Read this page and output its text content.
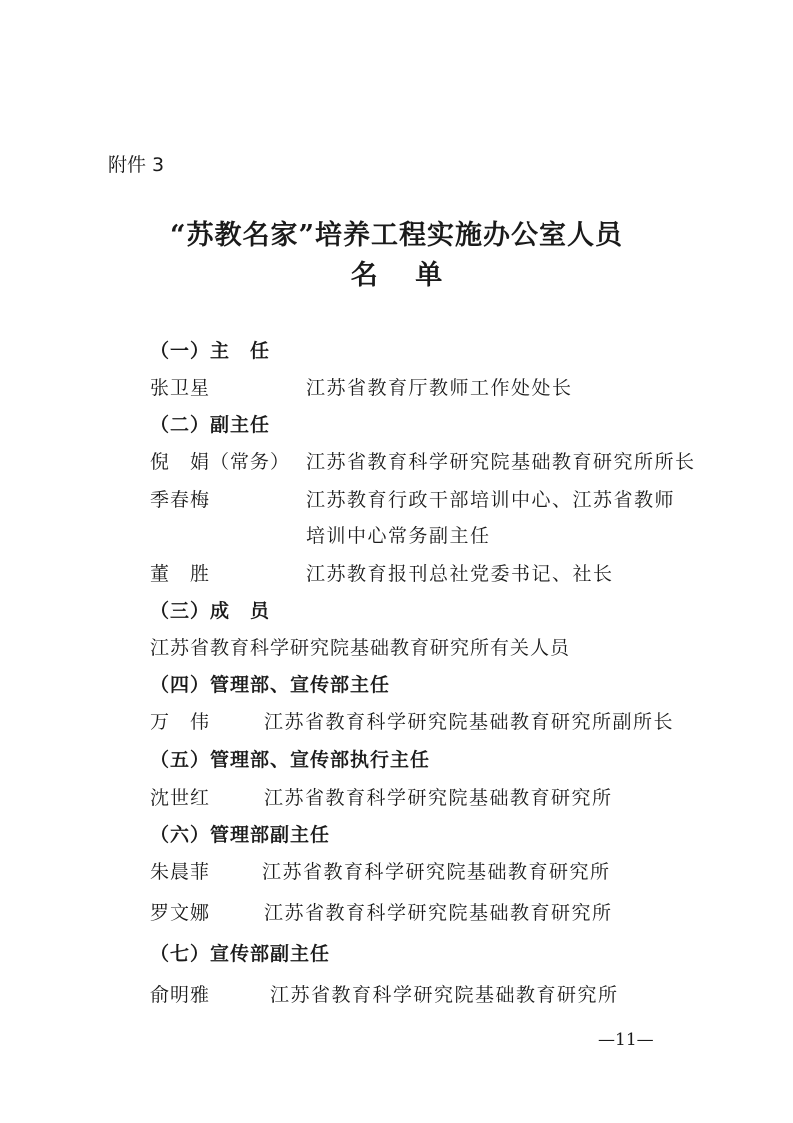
附件 3
“苏教名家”培养工程实施办公室人员
名 单
（一）主　任
张卫星	江苏省教育厅教师工作处处长
（二）副主任
倪　娟（常务） 江苏省教育科学研究院基础教育研究所所长
季春梅	江苏教育行政干部培训中心、江苏省教师
培训中心常务副主任
董　胜	江苏教育报刊总社党委书记、社长
（三）成　员
江苏省教育科学研究院基础教育研究所有关人员
（四）管理部、宣传部主任
万　伟	江苏省教育科学研究院基础教育研究所副所长
（五）管理部、宣传部执行主任
沈世红	江苏省教育科学研究院基础教育研究所
（六）管理部副主任
朱晨菲	江苏省教育科学研究院基础教育研究所
罗文娜	江苏省教育科学研究院基础教育研究所
（七）宣传部副主任
俞明雅	江苏省教育科学研究院基础教育研究所
—11—
